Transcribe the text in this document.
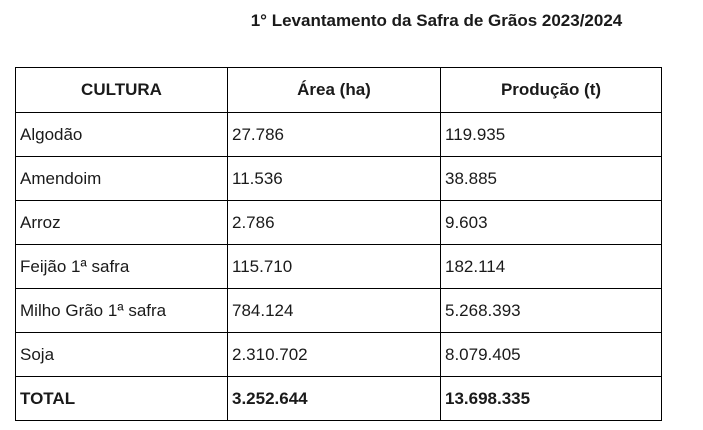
1° Levantamento da Safra de Grãos 2023/2024
CULTURA	Área (ha)	Produção (t)
Algodão	27.786	119.935
Amendoim	11.536	38.885
Arroz	2.786	9.603
Feijão 1ª safra	115.710	182.114
Milho Grão 1ª safra	784.124	5.268.393
Soja	2.310.702	8.079.405
TOTAL	3.252.644	13.698.335
